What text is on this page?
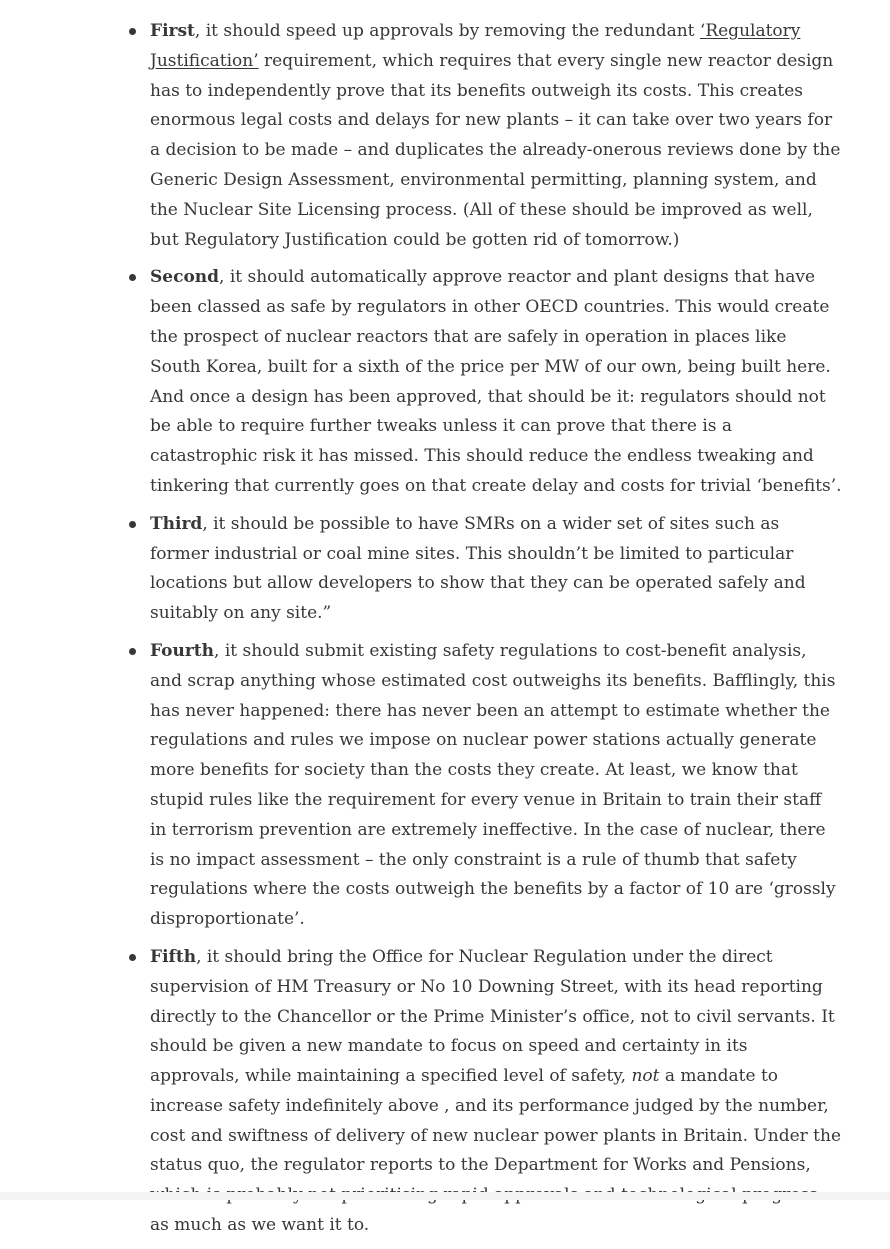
First, it should speed up approvals by removing the redundant ‘Regulatory Justification’ requirement, which requires that every single new reactor design has to independently prove that its benefits outweigh its costs. This creates enormous legal costs and delays for new plants – it can take over two years for a decision to be made – and duplicates the already-onerous reviews done by the Generic Design Assessment, environmental permitting, planning system, and the Nuclear Site Licensing process. (All of these should be improved as well, but Regulatory Justification could be gotten rid of tomorrow.)
Second, it should automatically approve reactor and plant designs that have been classed as safe by regulators in other OECD countries. This would create the prospect of nuclear reactors that are safely in operation in places like South Korea, built for a sixth of the price per MW of our own, being built here. And once a design has been approved, that should be it: regulators should not be able to require further tweaks unless it can prove that there is a catastrophic risk it has missed. This should reduce the endless tweaking and tinkering that currently goes on that create delay and costs for trivial ‘benefits’.
Third, it should be possible to have SMRs on a wider set of sites such as former industrial or coal mine sites. This shouldn’t be limited to particular locations but allow developers to show that they can be operated safely and suitably on any site.”
Fourth, it should submit existing safety regulations to cost-benefit analysis, and scrap anything whose estimated cost outweighs its benefits. Bafflingly, this has never happened: there has never been an attempt to estimate whether the regulations and rules we impose on nuclear power stations actually generate more benefits for society than the costs they create. At least, we know that stupid rules like the requirement for every venue in Britain to train their staff in terrorism prevention are extremely ineffective. In the case of nuclear, there is no impact assessment – the only constraint is a rule of thumb that safety regulations where the costs outweigh the benefits by a factor of 10 are ‘grossly disproportionate’.
Fifth, it should bring the Office for Nuclear Regulation under the direct supervision of HM Treasury or No 10 Downing Street, with its head reporting directly to the Chancellor or the Prime Minister’s office, not to civil servants. It should be given a new mandate to focus on speed and certainty in its approvals, while maintaining a specified level of safety, not a mandate to increase safety indefinitely above , and its performance judged by the number, cost and swiftness of delivery of new nuclear power plants in Britain. Under the status quo, the regulator reports to the Department for Works and Pensions, as much as we want it to.
